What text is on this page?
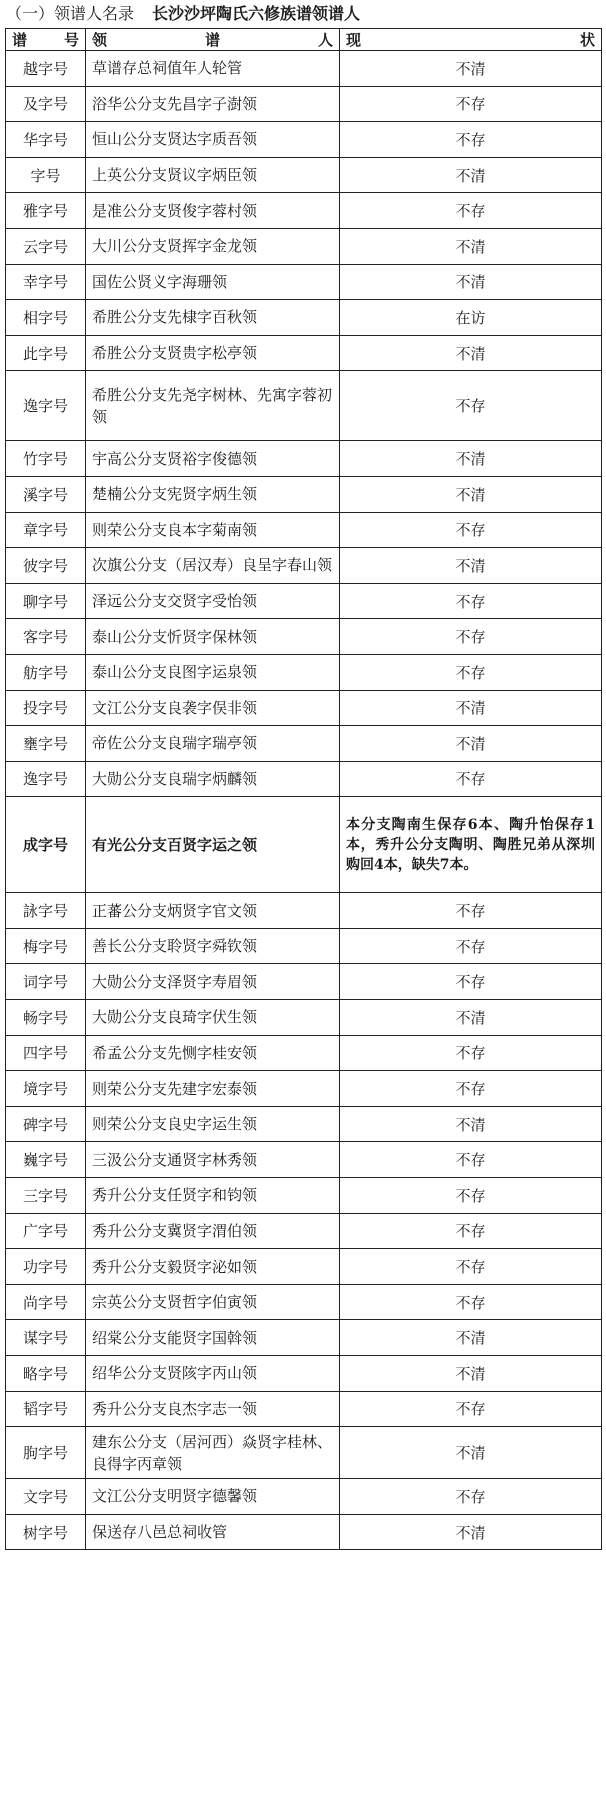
（一）领谱人名录 长沙沙坪陶氏六修族谱领谱人
谱 号	领 谱 人	现 状

越字号	草谱存总祠值年人轮管	不清
及字号	浴华公分支先昌字子澍领	不存
华字号	恒山公分支贤达字质吾领	不存
字号	上英公分支贤议字炳臣领	不清
雅字号	是准公分支贤俊字蓉村领	不存
云字号	大川公分支贤挥字金龙领	不清
幸字号	国佐公贤义字海珊领	不清
相字号	希胜公分支先棣字百秋领	在访
此字号	希胜公分支贤贵字松亭领	不清
逸字号	希胜公分支先尧字树林、先寓字蓉初领	不存
竹字号	宇高公分支贤裕字俊德领	不清
溪字号	楚楠公分支宪贤字炳生领	不清
章字号	则荣公分支良本字菊南领	不存
彼字号	次旗公分支（居汉寿）良呈字春山领	不清
聊字号	泽远公分支交贤字受怡领	不存
客字号	泰山公分支忻贤字保林领	不存
舫字号	泰山公分支良图字运泉领	不存
投字号	文江公分支良袭字俣非领	不清
壅字号	帝佐公分支良瑞字瑞亭领	不清
逸字号	大勋公分支良瑞字炳麟领	不存
成字号	有光公分支百贤字运之领	本分支陶南生保存6本、陶升怡保存1本，秀升公分支陶明、陶胜兄弟从深圳购回4本，缺失7本。
詠字号	正蕃公分支炳贤字官文领	不存
梅字号	善长公分支聆贤字舜钦领	不存
词字号	大勋公分支泽贤字寿眉领	不存
畅字号	大勋公分支良琦字伏生领	不清
四字号	希孟公分支先恻字桂安领	不存
境字号	则荣公分支先建字宏泰领	不存
碑字号	则荣公分支良史字运生领	不清
巍字号	三汲公分支通贤字林秀领	不存
三字号	秀升公分支任贤字和钧领	不存
广字号	秀升公分支冀贤字渭伯领	不存
功字号	秀升公分支毅贤字泌如领	不存
尚字号	宗英公分支贤哲字伯寅领	不存
谋字号	绍棠公分支能贤字国斡领	不清
略字号	绍华公分支贤陔字丙山领	不清
韬字号	秀升公分支良杰字志一领	不存
朐字号	建东公分支（居河西）焱贤字桂林、良得字丙章领	不清
文字号	文江公分支明贤字德馨领	不存
树字号	保送存八邑总祠收管	不清
